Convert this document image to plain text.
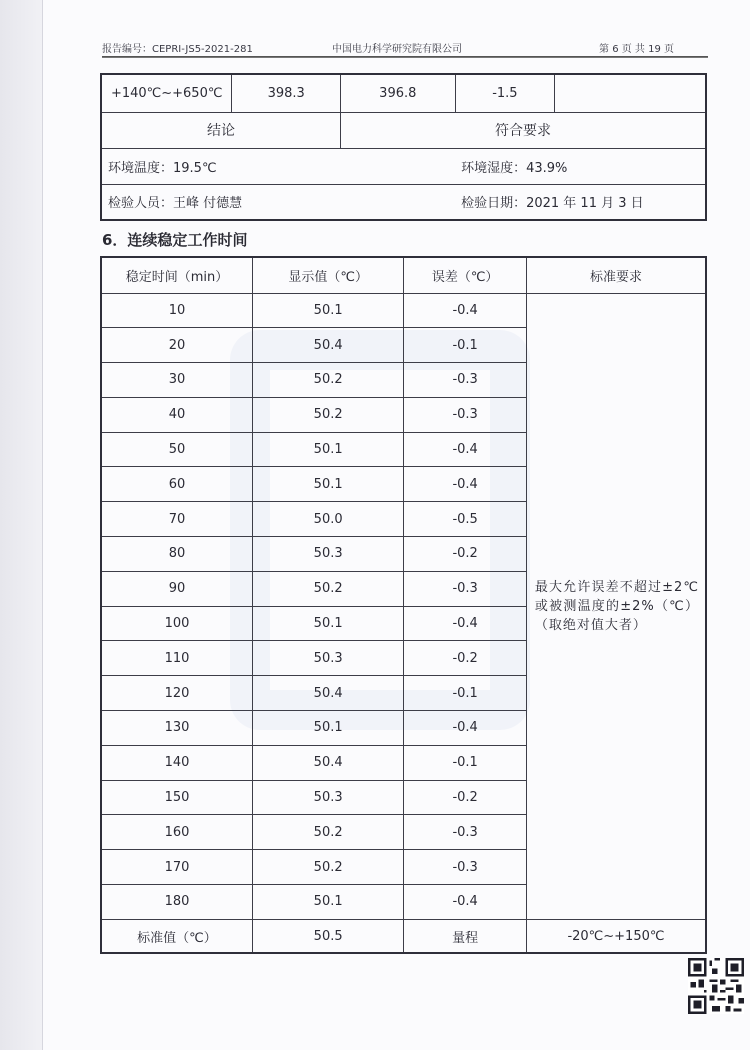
报告编号：CEPRI-JS5-2021-281	中国电力科学研究院有限公司	第 6 页 共 19 页
+140℃~+650℃	398.3	396.8	-1.5	
结论		符合要求		
环境温度：19.5℃			环境湿度：43.9%	
检验人员：王峰 付德慧			检验日期：2021 年 11 月 3 日	
6．连续稳定工作时间
稳定时间（min）	显示值（℃）	误差（℃）	标准要求
10	50.1	-0.4	最大允许误差不超过±2℃或被测温度的±2%（℃）（取绝对值大者）
20	50.4	-0.1	
30	50.2	-0.3	
40	50.2	-0.3	
50	50.1	-0.4	
60	50.1	-0.4	
70	50.0	-0.5	
80	50.3	-0.2	
90	50.2	-0.3	
100	50.1	-0.4	
110	50.3	-0.2	
120	50.4	-0.1	
130	50.1	-0.4	
140	50.4	-0.1	
150	50.3	-0.2	
160	50.2	-0.3	
170	50.2	-0.3	
180	50.1	-0.4	
标准值（℃）	50.5	量程	-20℃~+150℃
